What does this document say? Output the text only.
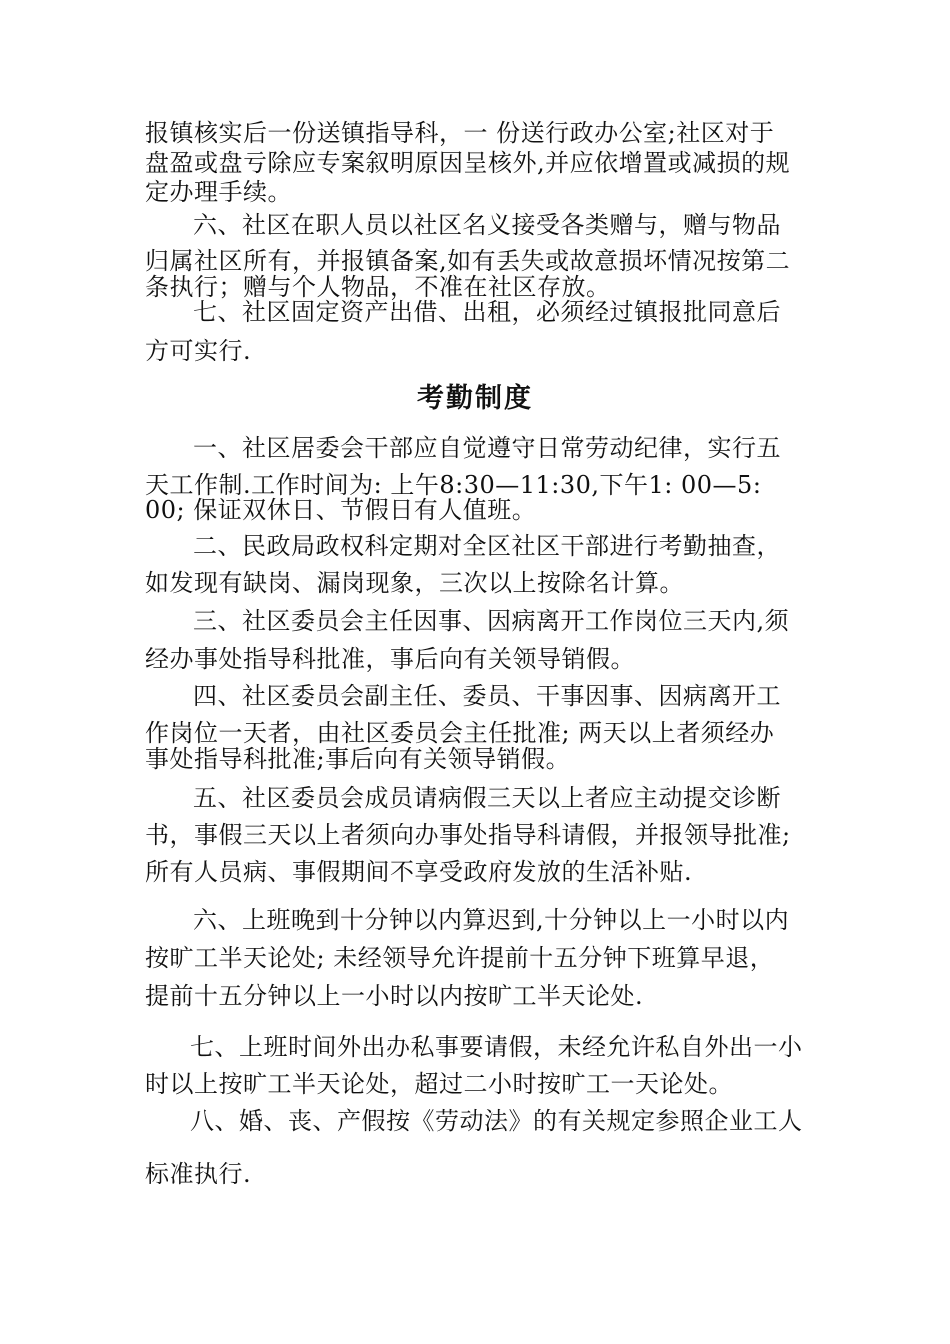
报镇核实后一份送镇指导科，一 份送行政办公室;社区对于
盘盈或盘亏除应专案叙明原因呈核外,并应依增置或减损的规
定办理手续。
六、社区在职人员以社区名义接受各类赠与，赠与物品
归属社区所有，并报镇备案,如有丢失或故意损坏情况按第二
条执行；赠与个人物品，不准在社区存放。
七、社区固定资产出借、出租，必须经过镇报批同意后
方可实行.
考勤制度
一、社区居委会干部应自觉遵守日常劳动纪律，实行五
天工作制.工作时间为: 上午8:30—11:30,下午1: 00—5:
00; 保证双休日、节假日有人值班。
二、民政局政权科定期对全区社区干部进行考勤抽查，
如发现有缺岗、漏岗现象，三次以上按除名计算。
三、社区委员会主任因事、因病离开工作岗位三天内,须
经办事处指导科批准，事后向有关领导销假。
四、社区委员会副主任、委员、干事因事、因病离开工
作岗位一天者，由社区委员会主任批准; 两天以上者须经办
事处指导科批准;事后向有关领导销假。
五、社区委员会成员请病假三天以上者应主动提交诊断
书，事假三天以上者须向办事处指导科请假，并报领导批准;
所有人员病、事假期间不享受政府发放的生活补贴.
六、上班晚到十分钟以内算迟到,十分钟以上一小时以内
按旷工半天论处; 未经领导允许提前十五分钟下班算早退，
提前十五分钟以上一小时以内按旷工半天论处.
七、上班时间外出办私事要请假，未经允许私自外出一小
时以上按旷工半天论处，超过二小时按旷工一天论处。
八、婚、丧、产假按《劳动法》的有关规定参照企业工人
标准执行.
